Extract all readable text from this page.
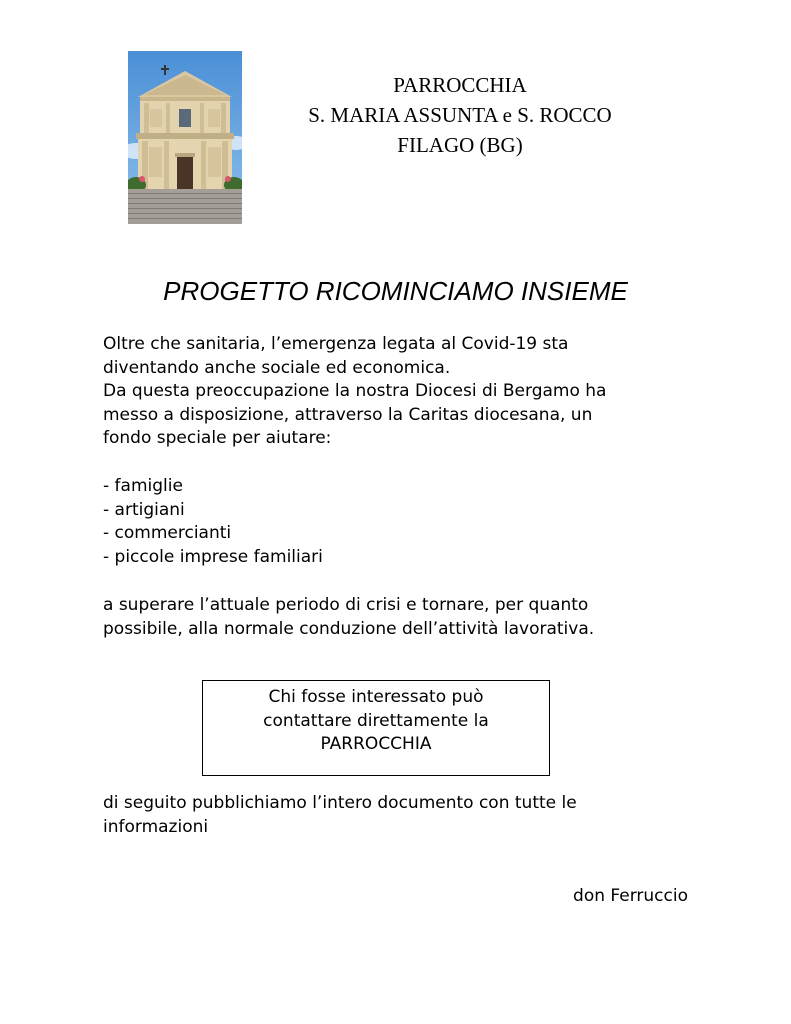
PARROCCHIA
S. MARIA ASSUNTA e S. ROCCO
FILAGO (BG)
PROGETTO RICOMINCIAMO INSIEME
Oltre che sanitaria, l’emergenza legata al Covid-19 sta
diventando anche sociale ed economica.
Da questa preoccupazione la nostra Diocesi di Bergamo ha
messo a disposizione, attraverso la Caritas diocesana, un
fondo speciale per aiutare:
- famiglie
- artigiani
- commercianti
- piccole imprese familiari
a superare l’attuale periodo di crisi e tornare, per quanto
possibile, alla normale conduzione dell’attività lavorativa.
Chi fosse interessato può
contattare direttamente la
PARROCCHIA
di seguito pubblichiamo l’intero documento con tutte le
informazioni
don Ferruccio
